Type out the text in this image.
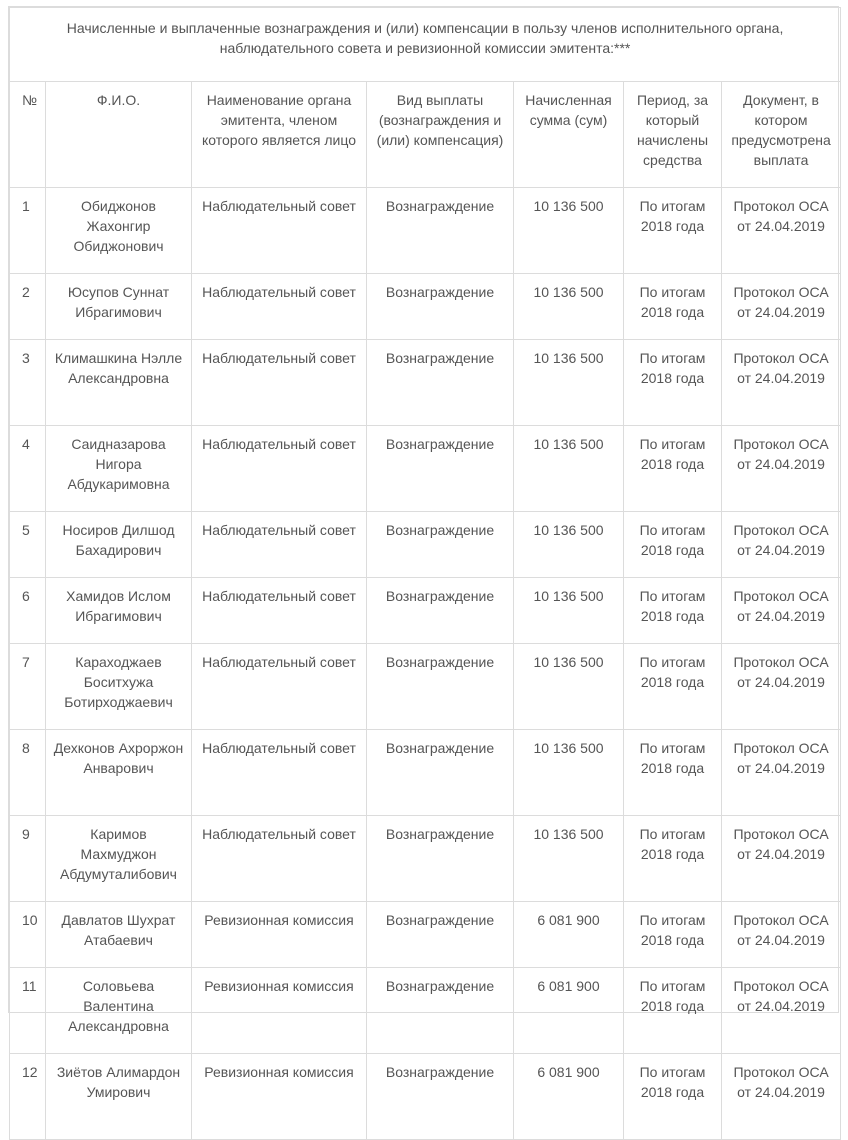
Начисленные и выплаченные вознаграждения и (или) компенсации в пользу членов исполнительного органа, наблюдательного совета и ревизионной комиссии эмитента:***						
№	Ф.И.О.	Наименование органа эмитента, членом которого является лицо	Вид выплаты (вознаграждения и (или) компенсация)	Начисленная сумма (сум)	Период, за который начислены средства	Документ, в котором предусмотрена выплата
1	Обиджонов Жахонгир Обиджонович	Наблюдательный совет	Вознаграждение	10 136 500	По итогам 2018 года	Протокол ОСА от 24.04.2019
2	Юсупов Суннат Ибрагимович	Наблюдательный совет	Вознаграждение	10 136 500	По итогам 2018 года	Протокол ОСА от 24.04.2019
3	Климашкина Нэлле Александровна	Наблюдательный совет	Вознаграждение	10 136 500	По итогам 2018 года	Протокол ОСА от 24.04.2019
4	Саидназарова Нигора Абдукаримовна	Наблюдательный совет	Вознаграждение	10 136 500	По итогам 2018 года	Протокол ОСА от 24.04.2019
5	Носиров Дилшод Бахадирович	Наблюдательный совет	Вознаграждение	10 136 500	По итогам 2018 года	Протокол ОСА от 24.04.2019
6	Хамидов Ислом Ибрагимович	Наблюдательный совет	Вознаграждение	10 136 500	По итогам 2018 года	Протокол ОСА от 24.04.2019
7	Караходжаев Боситхужа Ботирходжаевич	Наблюдательный совет	Вознаграждение	10 136 500	По итогам 2018 года	Протокол ОСА от 24.04.2019
8	Дехконов Ахроржон Анварович	Наблюдательный совет	Вознаграждение	10 136 500	По итогам 2018 года	Протокол ОСА от 24.04.2019
9	Каримов Махмуджон Абдумуталибович	Наблюдательный совет	Вознаграждение	10 136 500	По итогам 2018 года	Протокол ОСА от 24.04.2019
10	Давлатов Шухрат Атабаевич	Ревизионная комиссия	Вознаграждение	6 081 900	По итогам 2018 года	Протокол ОСА от 24.04.2019
11	Соловьева Валентина Александровна	Ревизионная комиссия	Вознаграждение	6 081 900	По итогам 2018 года	Протокол ОСА от 24.04.2019
12	Зиётов Алимардон Умирович	Ревизионная комиссия	Вознаграждение	6 081 900	По итогам 2018 года	Протокол ОСА от 24.04.2019
